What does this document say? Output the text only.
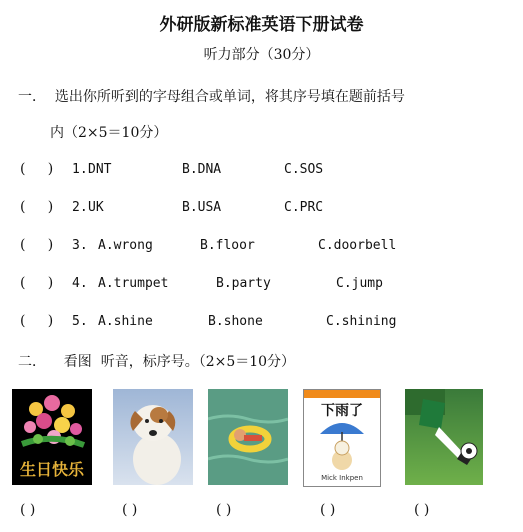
外研版新标准英语下册试卷
听力部分（30分）
一．  选出你所听到的字母组合或单词，将其序号填在题前括号
内（2×5＝10分）
(     ) 1. DNT	B.DNA	C.SOS
(     ) 2. UK	B.USA	C.PRC
(     ) 3. A.wrong	B.floor	C.doorbell
(     ) 4. A.trumpet	B.party	C.jump
(     ) 5. A.shine	B.shone	C.shining
二．    看图  听音，标序号。（2×5＝10分）
生日快乐
下雨了
Mick Inkpen
( )	( )	( )	( )	( )
